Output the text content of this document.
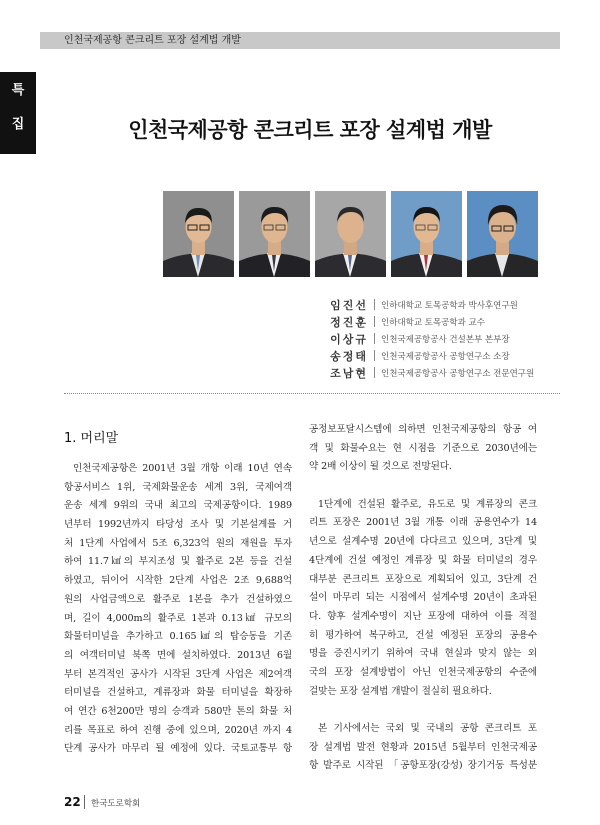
인천국제공항 콘크리트 포장 설계법 개발
특
집	인천국제공항 콘크리트 포장 설계법 개발
임진선 인하대학교 토목공학과 박사후연구원
정진훈 인하대학교 토목공학과 교수
이상규 인천국제공항공사 건설본부 본부장
송정태 인천국제공항공사 공항연구소 소장
조남현 인천국제공항공사 공항연구소 전문연구원
1. 머리말
인천국제공항은 2001년 3월 개항 이래 10년 연속
항공서비스 1위, 국제화물운송 세계 3위, 국제여객
운송 세계 9위의 국내 최고의 국제공항이다. 1989
년부터 1992년까지 타당성 조사 및 기본설계를 거
처 1단계 사업에서 5조 6,323억 원의 재원을 투자
하여 11.7㎢의 부지조성 및 활주로 2본 등을 건설
하였고, 뒤이어 시작한 2단계 사업은 2조 9,688억
원의 사업금액으로 활주로 1본을 추가 건설하였으
며, 길이 4,000m의 활주로 1본과 0.13㎢ 규모의
화물터미널을 추가하고 0.165㎢의 탑승동을 기존
의 여객터미널 북쪽 면에 설치하였다. 2013년 6월
부터 본격적인 공사가 시작된 3단계 사업은 제2여객
터미널을 건설하고, 계류장과 화물 터미널을 확장하
여 연간 6천200만 명의 승객과 580만 톤의 화물 처
리를 목표로 하여 진행 중에 있으며, 2020년 까지 4
단계 공사가 마무리 될 예정에 있다. 국토교통부 항
공정보포달시스템에 의하면 인천국제공항의 항공 여
객 및 화물수요는 현 시점을 기준으로 2030년에는
약 2배 이상이 될 것으로 전망된다.
1단계에 건설된 활주로, 유도로 및 계류장의 콘크
리트 포장은 2001년 3월 개통 이래 공용연수가 14
년으로 설계수명 20년에 다다르고 있으며, 3단계 및
4단계에 건설 예정인 계류장 및 화물 터미널의 경우
대부분 콘크리트 포장으로 계획되어 있고, 3단계 건
설이 마무리 되는 시점에서 설계수명 20년이 초과된
다. 향후 설계수명이 지난 포장에 대하여 이를 적절
히 평가하여 복구하고, 건설 예정된 포장의 공용수
명을 증진시키기 위하여 국내 현실과 맞지 않는 외
국의 포장 설계방법이 아닌 인천국제공항의 수준에
걸맞는 포장 설계법 개발이 절실히 필요하다.
본 기사에서는 국외 및 국내의 공항 콘크리트 포
장 설계법 발전 현황과 2015년 5월부터 인천국제공
항 발주로 시작된 「공항포장(강성) 장기거동 특성분
22 한국도로학회
